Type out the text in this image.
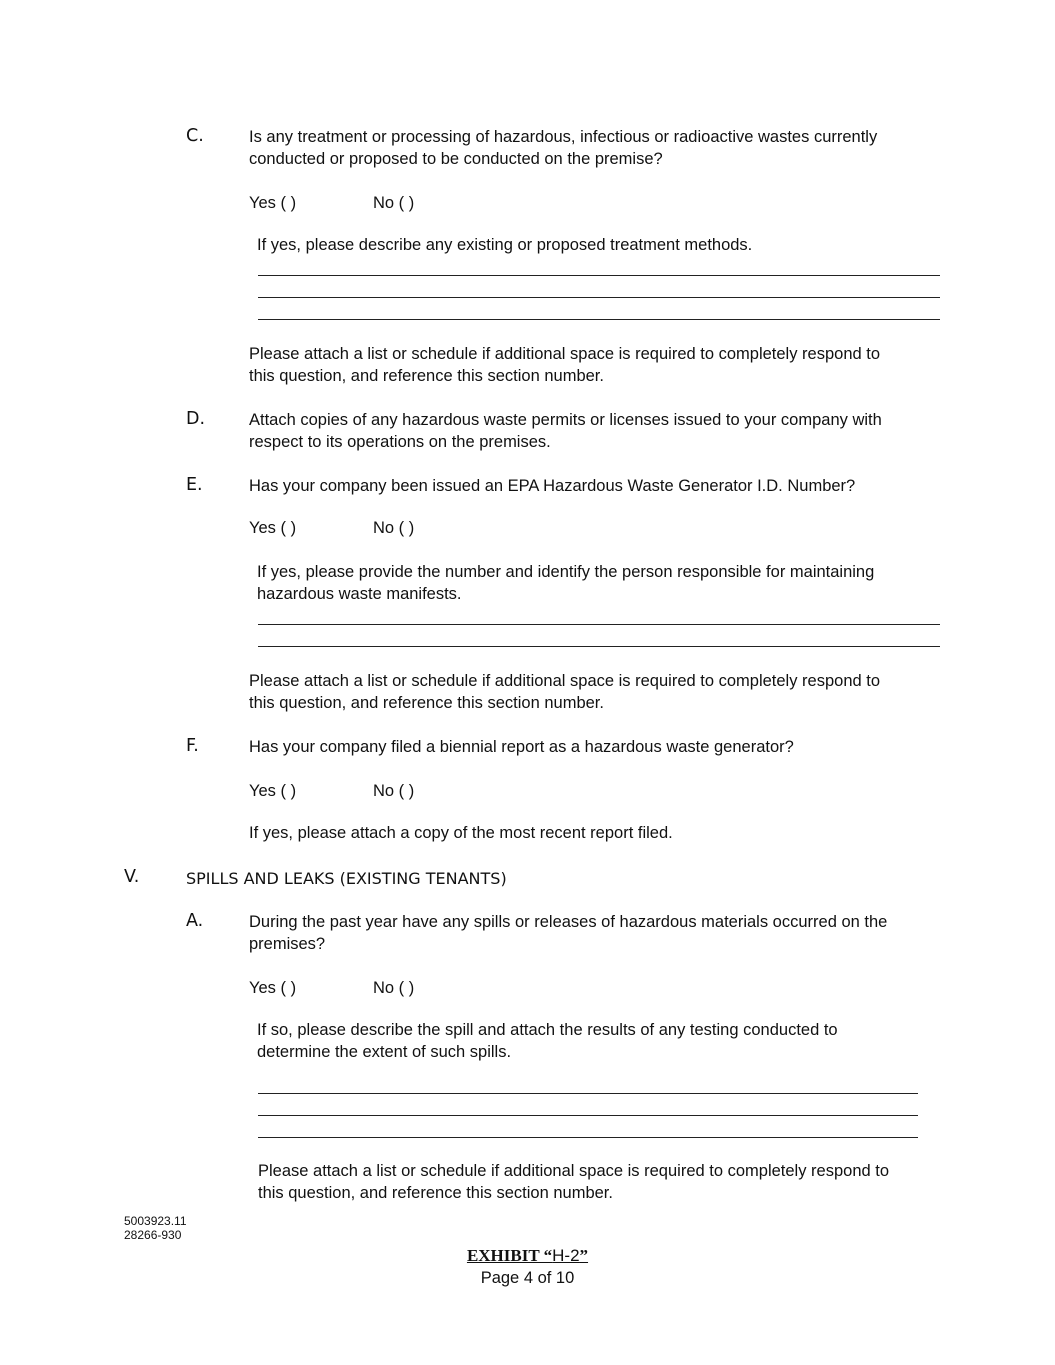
C.	Is any treatment or processing of hazardous, infectious or radioactive wastes currently
conducted or proposed to be conducted on the premise?
Yes ( )	No ( )
If yes, please describe any existing or proposed treatment methods.
Please attach a list or schedule if additional space is required to completely respond to
this question, and reference this section number.
D.	Attach copies of any hazardous waste permits or licenses issued to your company with
respect to its operations on the premises.
E.	Has your company been issued an EPA Hazardous Waste Generator I.D. Number?
Yes ( )	No ( )
If yes, please provide the number and identify the person responsible for maintaining
hazardous waste manifests.
Please attach a list or schedule if additional space is required to completely respond to
this question, and reference this section number.
F.	Has your company filed a biennial report as a hazardous waste generator?
Yes ( )	No ( )
If yes, please attach a copy of the most recent report filed.
V.	SPILLS AND LEAKS (EXISTING TENANTS)
A.	During the past year have any spills or releases of hazardous materials occurred on the
premises?
Yes ( )	No ( )
If so, please describe the spill and attach the results of any testing conducted to
determine the extent of such spills.
Please attach a list or schedule if additional space is required to completely respond to
this question, and reference this section number.
5003923.11
28266-930
EXHIBIT “H-2”
Page 4 of 10
